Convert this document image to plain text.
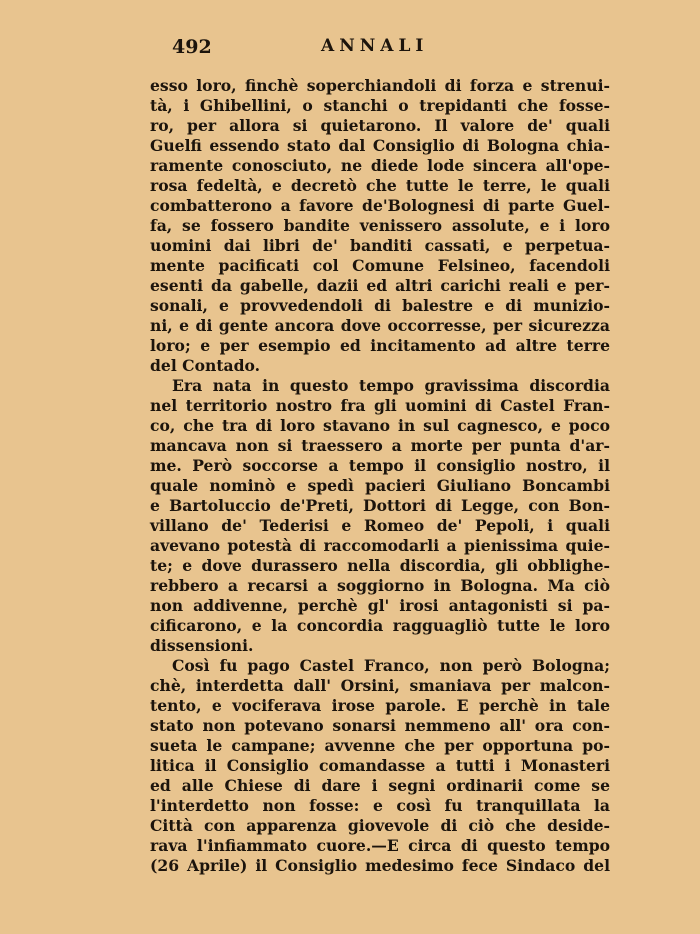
492	ANNALI
esso loro, finchè soperchiandoli di forza e strenui-
tà, i Ghibellini, o stanchi o trepidanti che fosse-
ro, per allora si quietarono. Il valore de' quali
Guelfi essendo stato dal Consiglio di Bologna chia-
ramente conosciuto, ne diede lode sincera all'ope-
rosa fedeltà, e decretò che tutte le terre, le quali
combatterono a favore de'Bolognesi di parte Guel-
fa, se fossero bandite venissero assolute, e i loro
uomini dai libri de' banditi cassati, e perpetua-
mente pacificati col Comune Felsineo, facendoli
esenti da gabelle, dazii ed altri carichi reali e per-
sonali, e provvedendoli di balestre e di munizio-
ni, e di gente ancora dove occorresse, per sicurezza
loro; e per esempio ed incitamento ad altre terre
del Contado.
Era nata in questo tempo gravissima discordia
nel territorio nostro fra gli uomini di Castel Fran-
co, che tra di loro stavano in sul cagnesco, e poco
mancava non si traessero a morte per punta d'ar-
me. Però soccorse a tempo il consiglio nostro, il
quale nominò e spedì pacieri Giuliano Boncambi
e Bartoluccio de'Preti, Dottori di Legge, con Bon-
villano de' Tederisi e Romeo de' Pepoli, i quali
avevano potestà di raccomodarli a pienissima quie-
te; e dove durassero nella discordia, gli obblighe-
rebbero a recarsi a soggiorno in Bologna. Ma ciò
non addivenne, perchè gl' irosi antagonisti si pa-
cificarono, e la concordia ragguagliò tutte le loro
dissensioni.
Così fu pago Castel Franco, non però Bologna;
chè, interdetta dall' Orsini, smaniava per malcon-
tento, e vociferava irose parole. E perchè in tale
stato non potevano sonarsi nemmeno all' ora con-
sueta le campane; avvenne che per opportuna po-
litica il Consiglio comandasse a tutti i Monasteri
ed alle Chiese di dare i segni ordinarii come se
l'interdetto non fosse: e così fu tranquillata la
Città con apparenza giovevole di ciò che deside-
rava l'infiammato cuore.—E circa di questo tempo
(26 Aprile) il Consiglio medesimo fece Sindaco del
